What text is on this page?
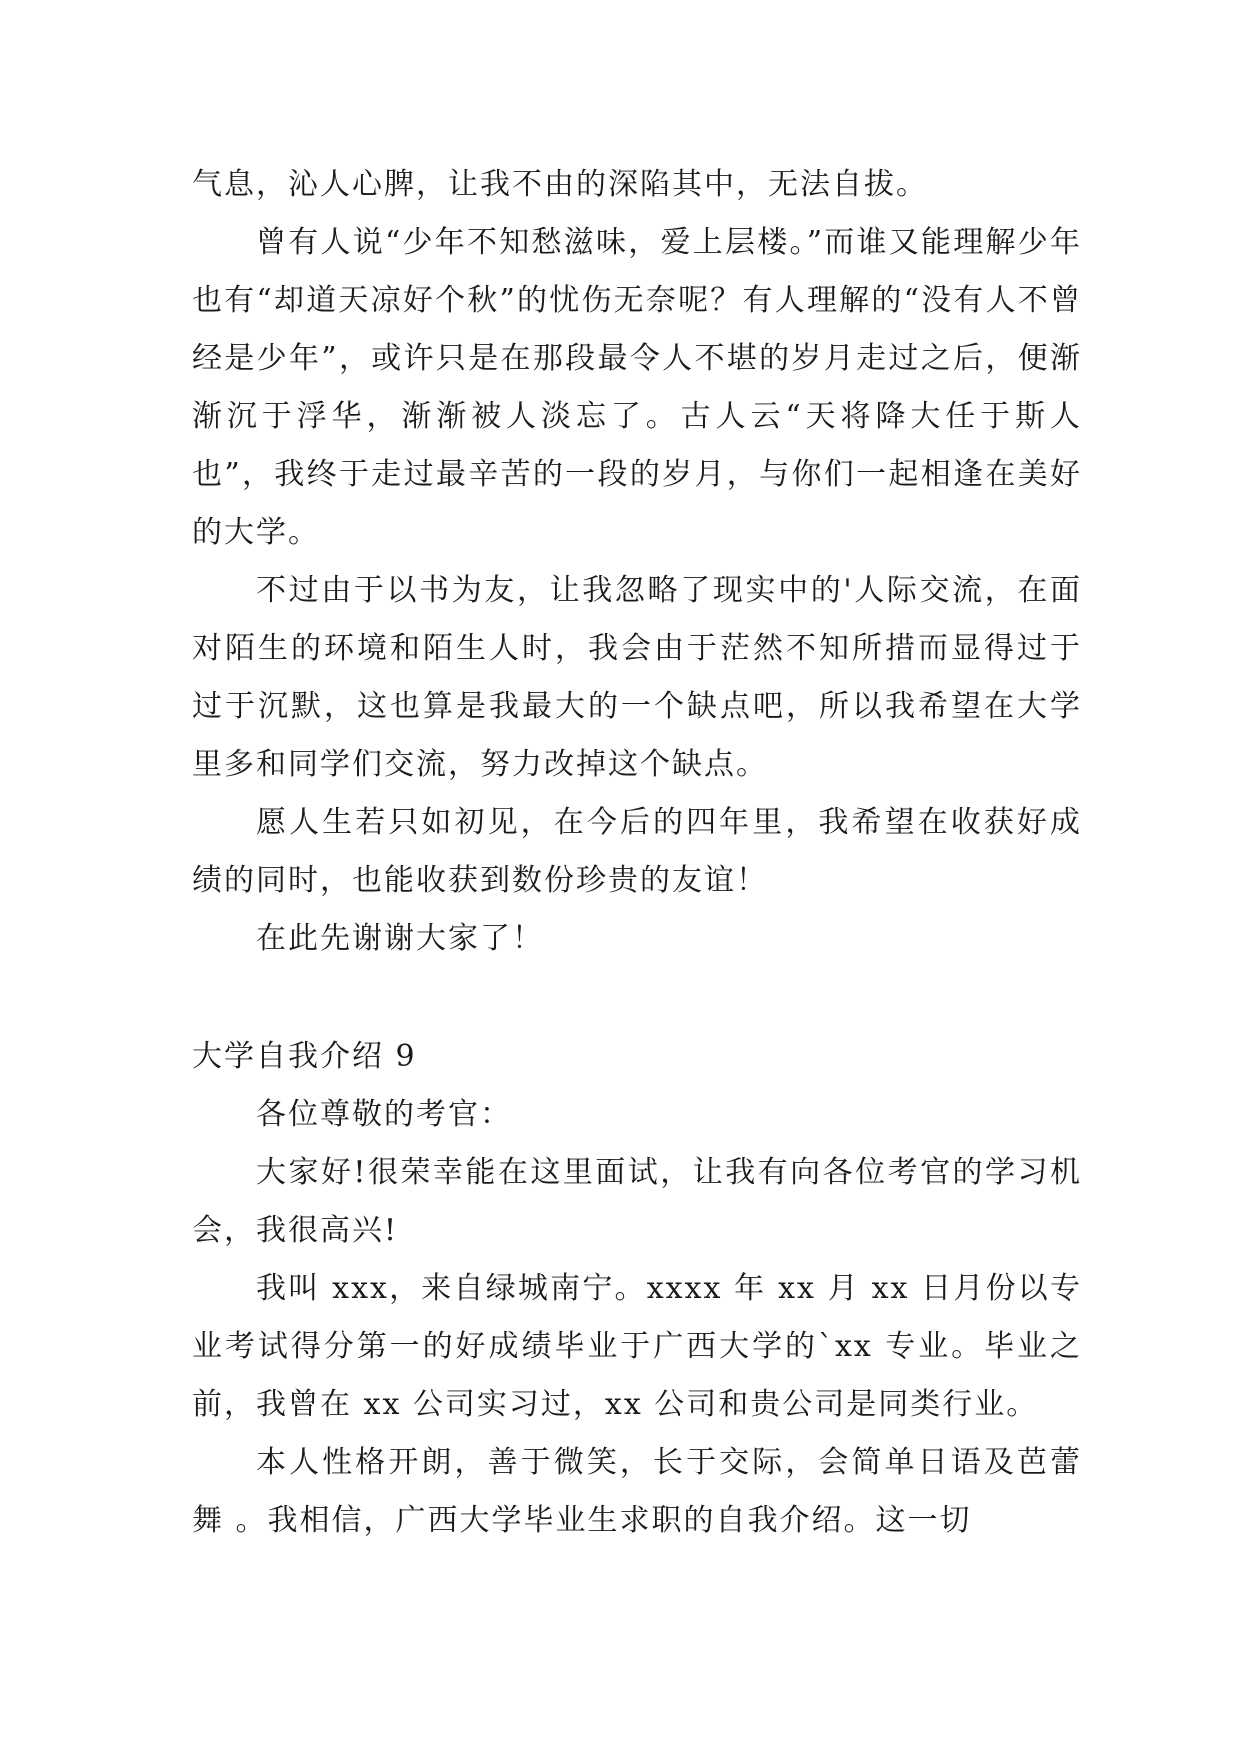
气息，沁人心脾，让我不由的深陷其中，无法自拔。

曾有人说“少年不知愁滋味，爱上层楼。”而谁又能理解少年也有“却道天凉好个秋”的忧伤无奈呢？有人理解的“没有人不曾经是少年”，或许只是在那段最令人不堪的岁月走过之后，便渐渐沉于浮华，渐渐被人淡忘了。古人云“天将降大任于斯人也”，我终于走过最辛苦的一段的岁月，与你们一起相逢在美好的大学。

不过由于以书为友，让我忽略了现实中的'人际交流，在面对陌生的环境和陌生人时，我会由于茫然不知所措而显得过于过于沉默，这也算是我最大的一个缺点吧，所以我希望在大学里多和同学们交流，努力改掉这个缺点。

愿人生若只如初见，在今后的四年里，我希望在收获好成绩的同时，也能收获到数份珍贵的友谊！

在此先谢谢大家了！

大学自我介绍 9

各位尊敬的考官：

大家好!很荣幸能在这里面试，让我有向各位考官的学习机会，我很高兴!

我叫 xxx，来自绿城南宁。xxxx 年 xx 月 xx 日月份以专业考试得分第一的好成绩毕业于广西大学的`xx 专业。毕业之前，我曾在 xx 公司实习过，xx 公司和贵公司是同类行业。

本人性格开朗，善于微笑，长于交际，会简单日语及芭蕾舞 。我相信，广西大学毕业生求职的自我介绍。这一切
